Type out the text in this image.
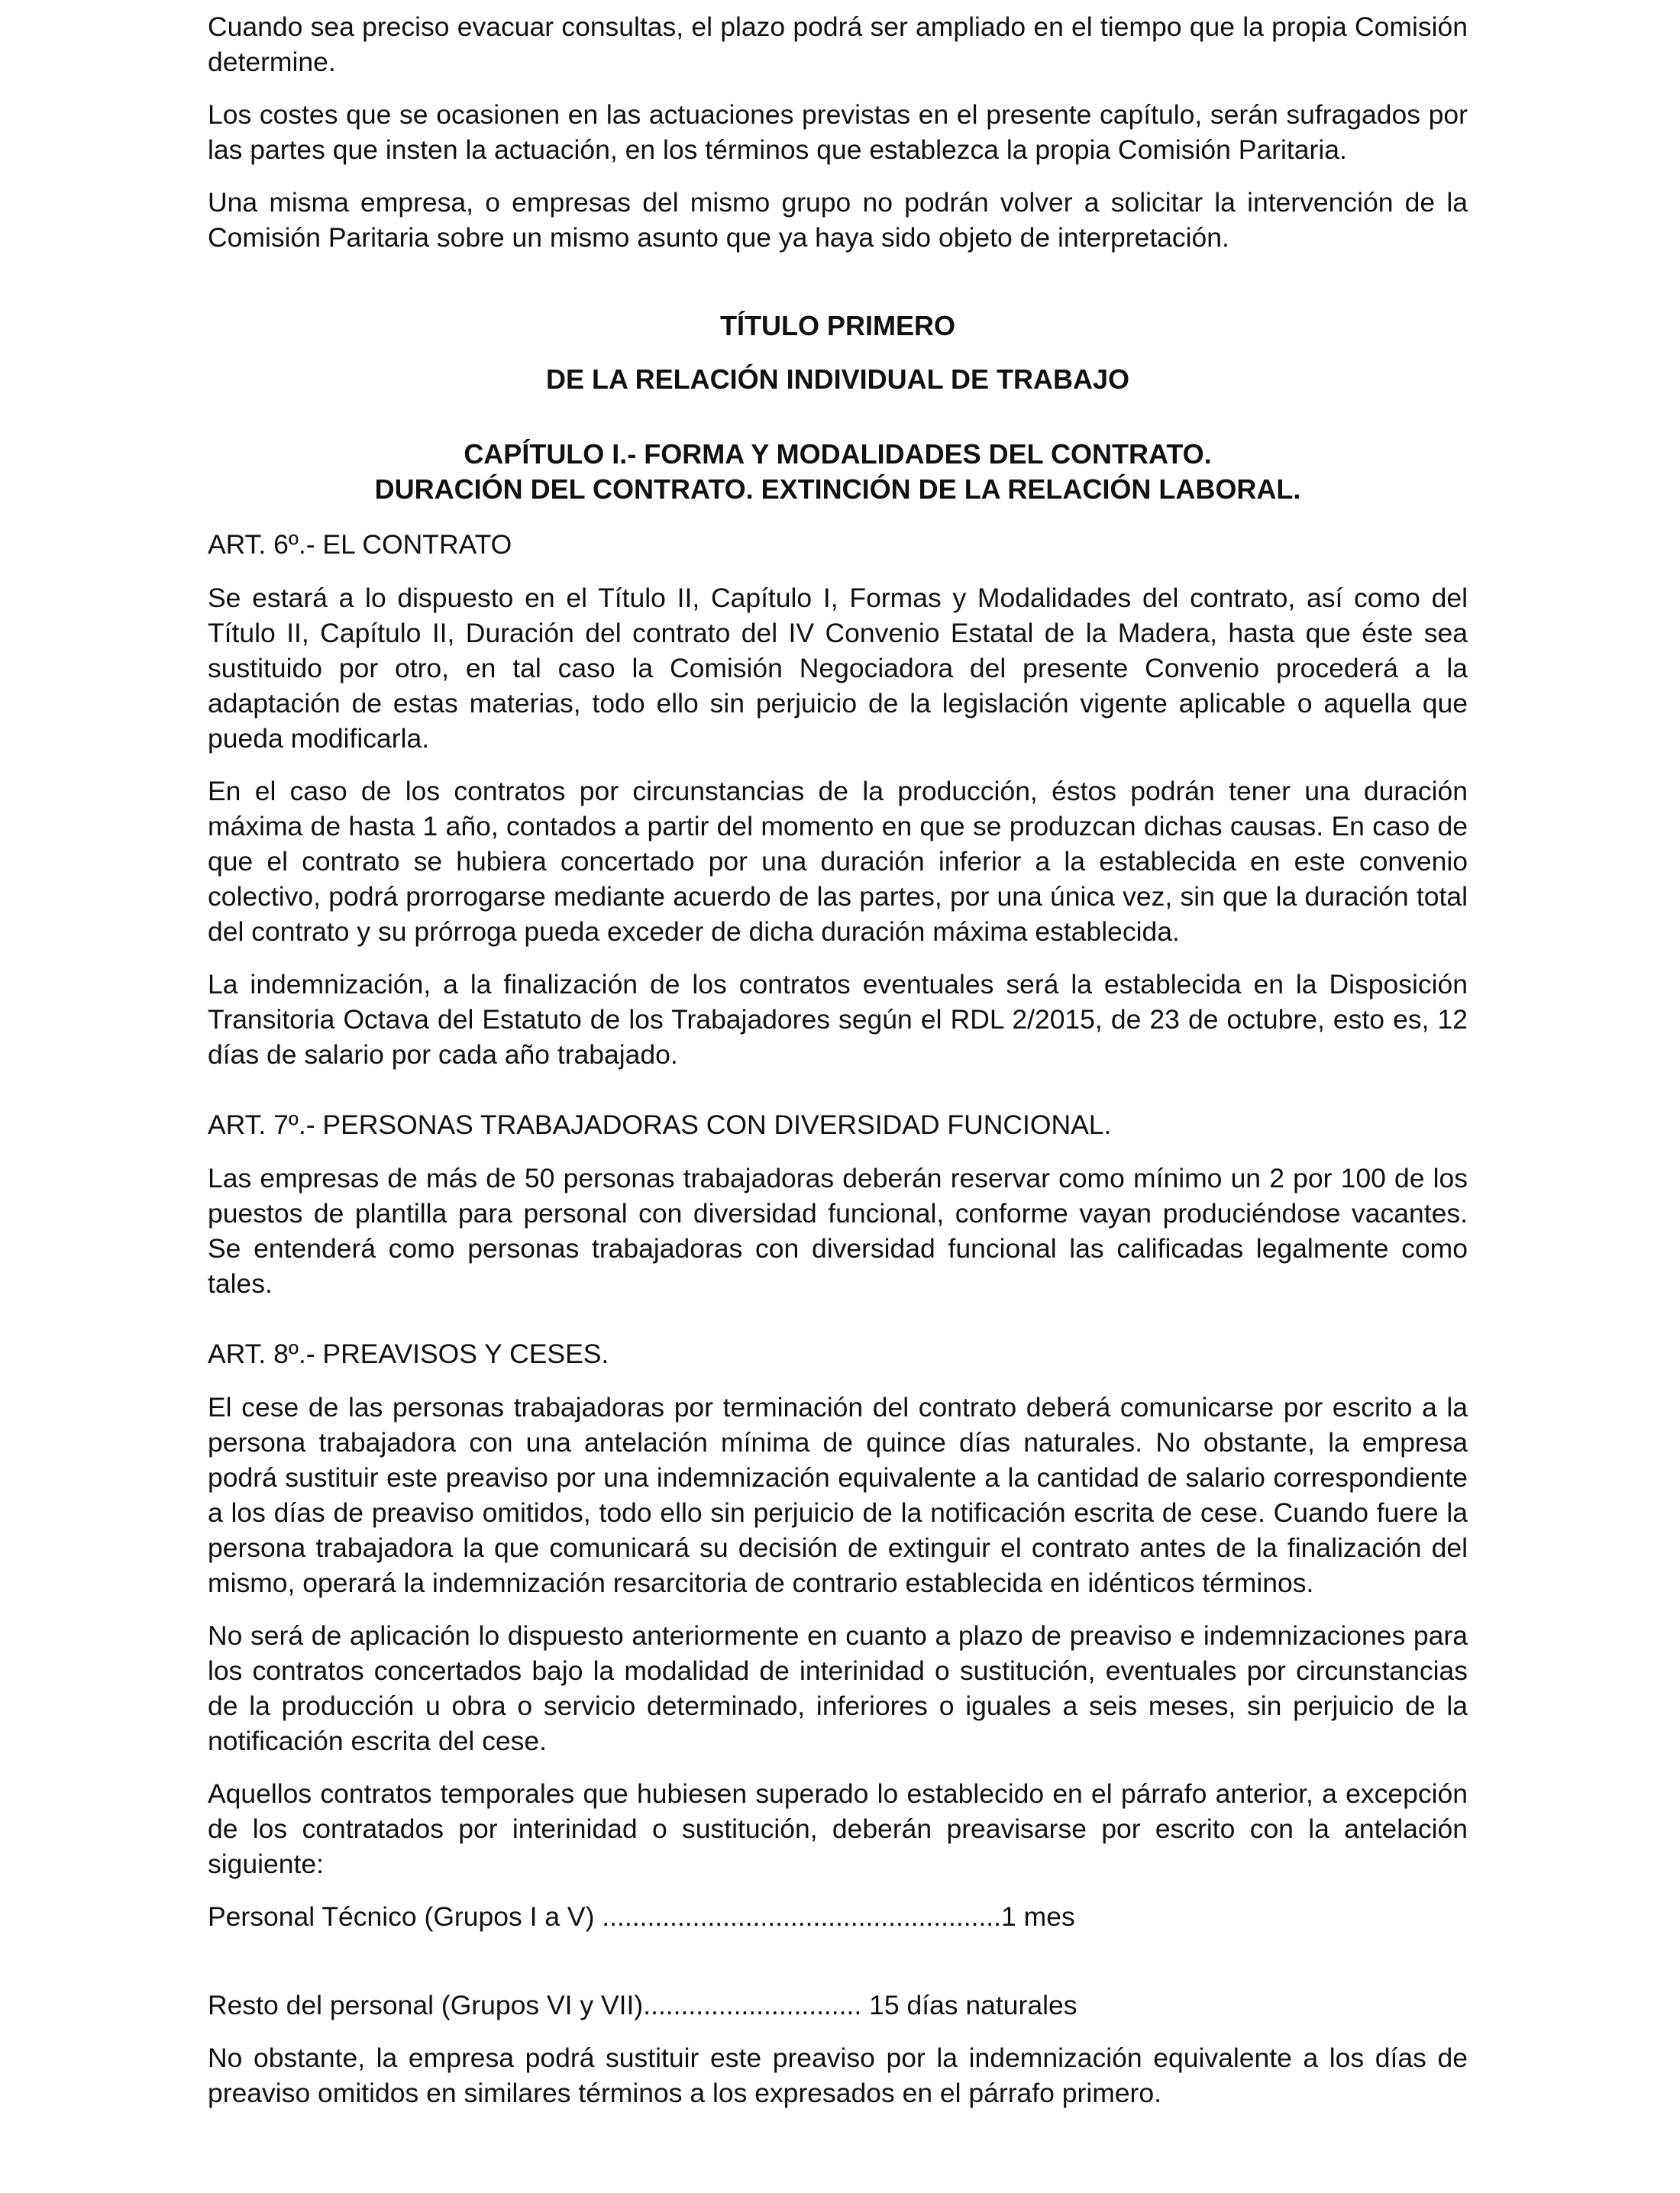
Cuando sea preciso evacuar consultas, el plazo podrá ser ampliado en el tiempo que la propia Comisión determine.

Los costes que se ocasionen en las actuaciones previstas en el presente capítulo, serán sufragados por las partes que insten la actuación, en los términos que establezca la propia Comisión Paritaria.

Una misma empresa, o empresas del mismo grupo no podrán volver a solicitar la intervención de la Comisión Paritaria sobre un mismo asunto que ya haya sido objeto de interpretación.

TÍTULO PRIMERO
DE LA RELACIÓN INDIVIDUAL DE TRABAJO
CAPÍTULO I.- FORMA Y MODALIDADES DEL CONTRATO.
DURACIÓN DEL CONTRATO. EXTINCIÓN DE LA RELACIÓN LABORAL.
ART. 6º.- EL CONTRATO

Se estará a lo dispuesto en el Título II, Capítulo I, Formas y Modalidades del contrato, así como del Título II, Capítulo II, Duración del contrato del IV Convenio Estatal de la Madera, hasta que éste sea sustituido por otro, en tal caso la Comisión Negociadora del presente Convenio procederá a la adaptación de estas materias, todo ello sin perjuicio de la legislación vigente aplicable o aquella que pueda modificarla.

En el caso de los contratos por circunstancias de la producción, éstos podrán tener una duración máxima de hasta 1 año, contados a partir del momento en que se produzcan dichas causas. En caso de que el contrato se hubiera concertado por una duración inferior a la establecida en este convenio colectivo, podrá prorrogarse mediante acuerdo de las partes, por una única vez, sin que la duración total del contrato y su prórroga pueda exceder de dicha duración máxima establecida.

La indemnización, a la finalización de los contratos eventuales será la establecida en la Disposición Transitoria Octava del Estatuto de los Trabajadores según el RDL 2/2015, de 23 de octubre, esto es, 12 días de salario por cada año trabajado.

ART. 7º.- PERSONAS TRABAJADORAS CON DIVERSIDAD FUNCIONAL.

Las empresas de más de 50 personas trabajadoras deberán reservar como mínimo un 2 por 100 de los puestos de plantilla para personal con diversidad funcional, conforme vayan produciéndose vacantes. Se entenderá como personas trabajadoras con diversidad funcional las calificadas legalmente como tales.

ART. 8º.- PREAVISOS Y CESES.

El cese de las personas trabajadoras por terminación del contrato deberá comunicarse por escrito a la persona trabajadora con una antelación mínima de quince días naturales. No obstante, la empresa podrá sustituir este preaviso por una indemnización equivalente a la cantidad de salario correspondiente a los días de preaviso omitidos, todo ello sin perjuicio de la notificación escrita de cese. Cuando fuere la persona trabajadora la que comunicará su decisión de extinguir el contrato antes de la finalización del mismo, operará la indemnización resarcitoria de contrario establecida en idénticos términos.

No será de aplicación lo dispuesto anteriormente en cuanto a plazo de preaviso e indemnizaciones para los contratos concertados bajo la modalidad de interinidad o sustitución, eventuales por circunstancias de la producción u obra o servicio determinado, inferiores o iguales a seis meses, sin perjuicio de la notificación escrita del cese.

Aquellos contratos temporales que hubiesen superado lo establecido en el párrafo anterior, a excepción de los contratados por interinidad o sustitución, deberán preavisarse por escrito con la antelación siguiente:

Personal Técnico (Grupos I a V) .....................................................1 mes
Resto del personal (Grupos VI y VII)............................. 15 días naturales

No obstante, la empresa podrá sustituir este preaviso por la indemnización equivalente a los días de preaviso omitidos en similares términos a los expresados en el párrafo primero.
